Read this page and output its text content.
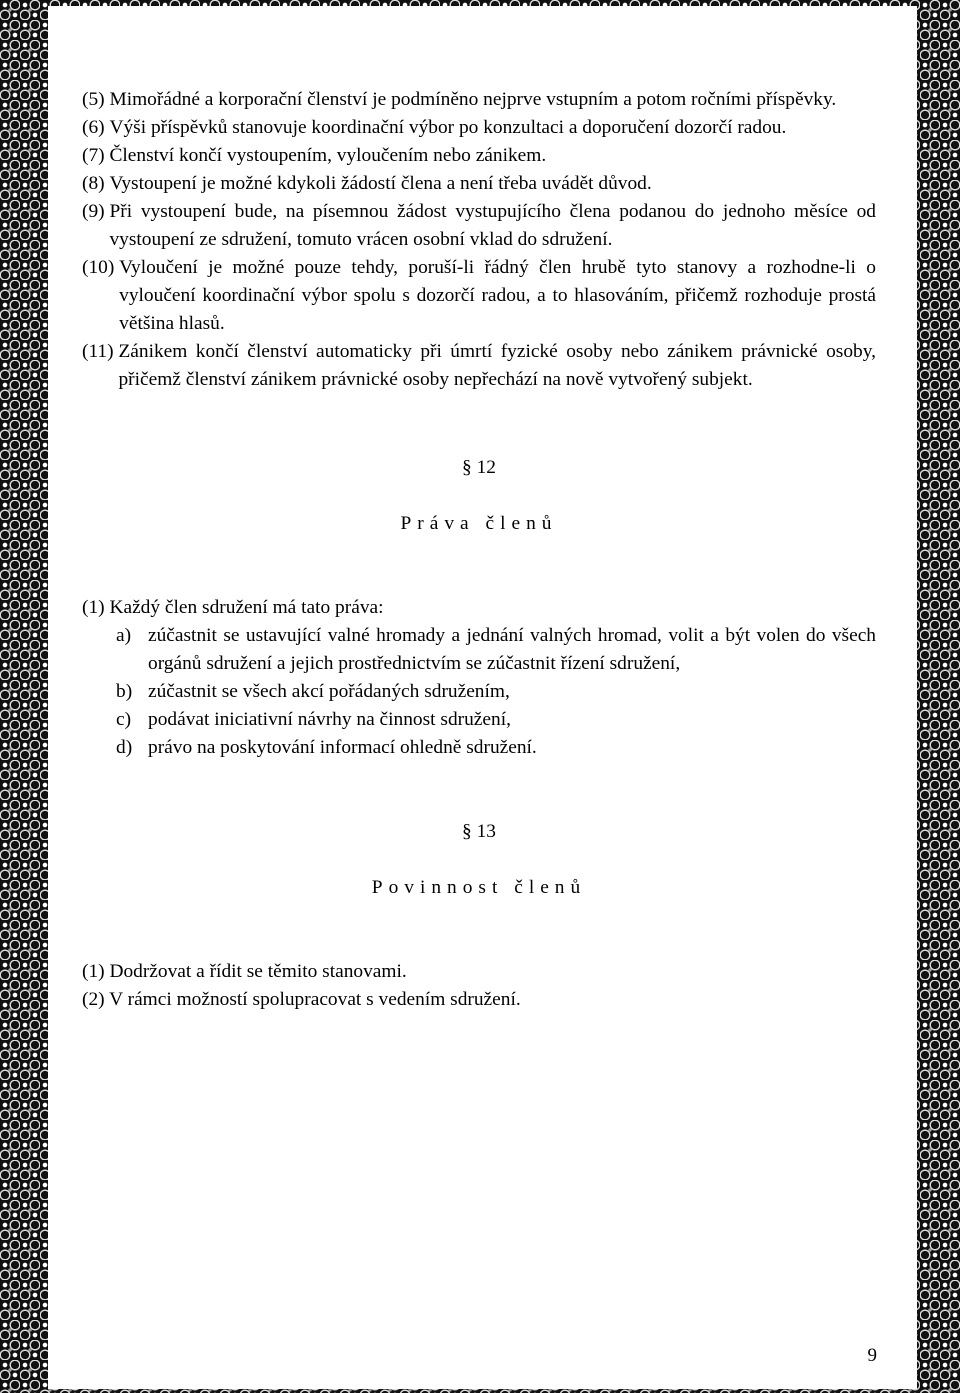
(5) Mimořádné a korporační členství je podmíněno nejprve vstupním a potom ročními příspěvky.
(6) Výši příspěvků stanovuje koordinační výbor po konzultaci a doporučení dozorčí radou.
(7) Členství končí vystoupením, vyloučením nebo zánikem.
(8) Vystoupení je možné kdykoli žádostí člena a není třeba uvádět důvod.
(9) Při vystoupení bude, na písemnou žádost vystupujícího člena podanou do jednoho měsíce od vystoupení ze sdružení, tomuto vrácen osobní vklad do sdružení.
(10) Vyloučení je možné pouze tehdy, poruší-li řádný člen hrubě tyto stanovy a rozhodne-li o vyloučení koordinační výbor spolu s dozorčí radou, a to hlasováním, přičemž rozhoduje prostá většina hlasů.
(11) Zánikem končí členství automaticky při úmrtí fyzické osoby nebo zánikem právnické osoby, přičemž členství zánikem právnické osoby nepřechází na nově vytvořený subjekt.
§ 12
Práva členů
(1) Každý člen sdružení má tato práva:
a) zúčastnit se ustavující valné hromady a jednání valných hromad, volit a být volen do všech orgánů sdružení a jejich prostřednictvím se zúčastnit řízení sdružení,
b) zúčastnit se všech akcí pořádaných sdružením,
c) podávat iniciativní návrhy na činnost sdružení,
d) právo na poskytování informací ohledně sdružení.
§ 13
Povinnost členů
(1) Dodržovat a řídit se těmito stanovami.
(2) V rámci možností spolupracovat s vedením sdružení.
9
